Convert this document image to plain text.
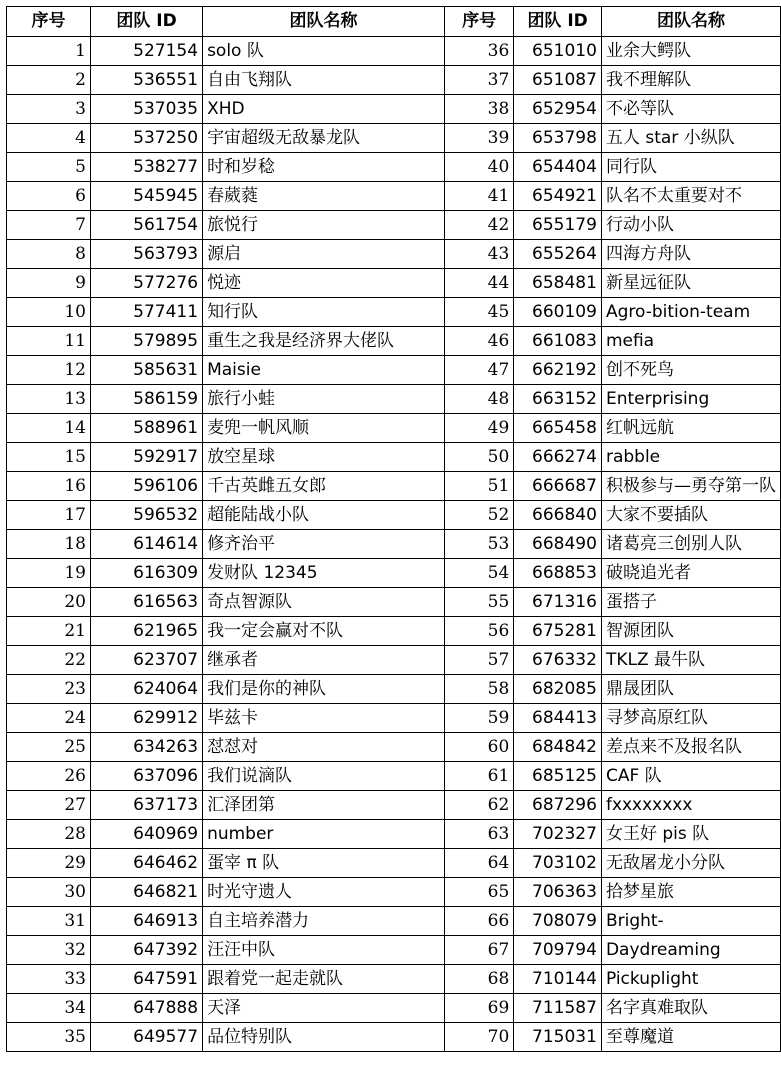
序号	团队 ID	团队名称	序号	团队 ID	团队名称
1	527154	solo 队	36	651010	业余大鳄队
2	536551	自由飞翔队	37	651087	我不理解队
3	537035	XHD	38	652954	不必等队
4	537250	宇宙超级无敌暴龙队	39	653798	五人 star 小纵队
5	538277	时和岁稔	40	654404	同行队
6	545945	春葳蕤	41	654921	队名不太重要对不
7	561754	旅悦行	42	655179	行动小队
8	563793	源启	43	655264	四海方舟队
9	577276	悦迹	44	658481	新星远征队
10	577411	知行队	45	660109	Agro-bition-team
11	579895	重生之我是经济界大佬队	46	661083	mefia
12	585631	Maisie	47	662192	创不死鸟
13	586159	旅行小蛙	48	663152	Enterprising
14	588961	麦兜一帆风顺	49	665458	红帆远航
15	592917	放空星球	50	666274	rabble
16	596106	千古英雌五女郎	51	666687	积极参与—勇夺第一队
17	596532	超能陆战小队	52	666840	大家不要插队
18	614614	修齐治平	53	668490	诸葛亮三创别人队
19	616309	发财队 12345	54	668853	破晓追光者
20	616563	奇点智源队	55	671316	蛋搭子
21	621965	我一定会赢对不队	56	675281	智源团队
22	623707	继承者	57	676332	TKLZ 最牛队
23	624064	我们是你的神队	58	682085	鼎晟团队
24	629912	毕兹卡	59	684413	寻梦高原红队
25	634263	怼怼对	60	684842	差点来不及报名队
26	637096	我们说滴队	61	685125	CAF 队
27	637173	汇泽团第	62	687296	fxxxxxxxx
28	640969	number	63	702327	女王好 pis 队
29	646462	蛋宰 π 队	64	703102	无敌屠龙小分队
30	646821	时光守遗人	65	706363	拾梦星旅
31	646913	自主培养潜力	66	708079	Bright-
32	647392	汪汪中队	67	709794	Daydreaming
33	647591	跟着党一起走就队	68	710144	Pickuplight
34	647888	天泽	69	711587	名字真难取队
35	649577	品位特别队	70	715031	至尊魔道
